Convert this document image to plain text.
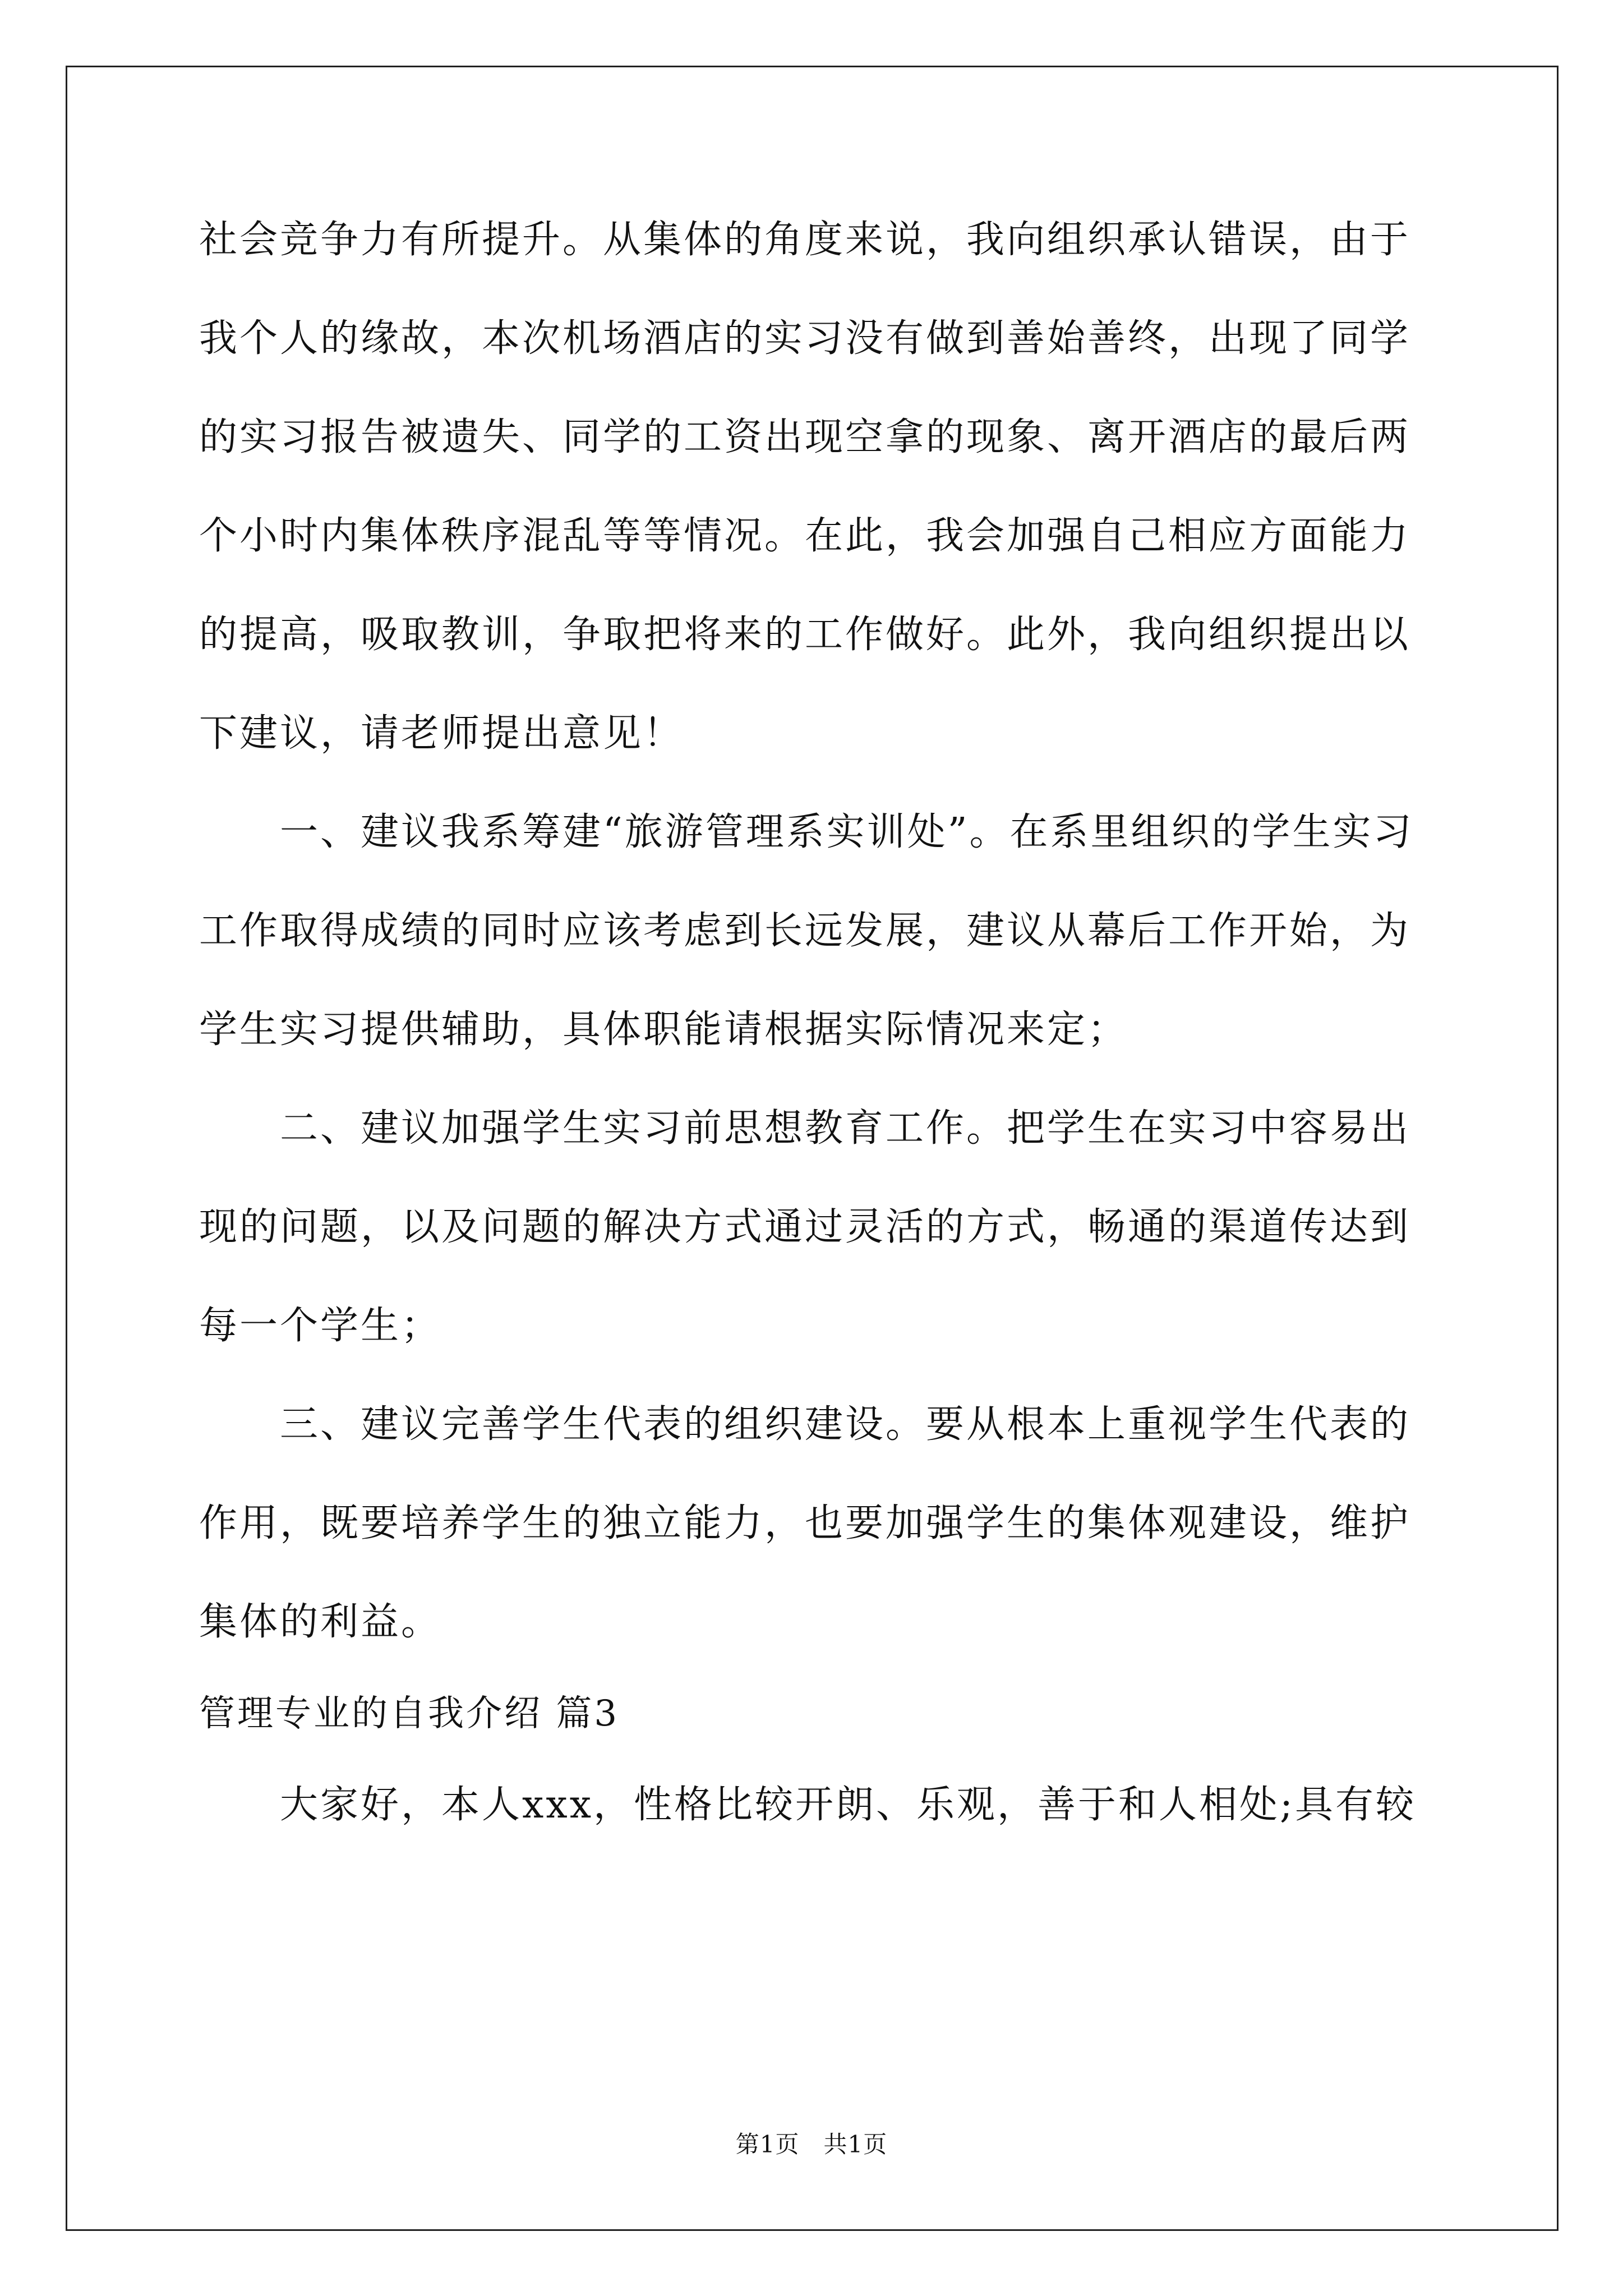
社会竞争力有所提升。从集体的角度来说，我向组织承认错误，由于
我个人的缘故，本次机场酒店的实习没有做到善始善终，出现了同学
的实习报告被遗失、同学的工资出现空拿的现象、离开酒店的最后两
个小时内集体秩序混乱等等情况。在此，我会加强自己相应方面能力
的提高，吸取教训，争取把将来的工作做好。此外，我向组织提出以
下建议，请老师提出意见！
一、建议我系筹建“旅游管理系实训处”。在系里组织的学生实习
工作取得成绩的同时应该考虑到长远发展，建议从幕后工作开始，为
学生实习提供辅助，具体职能请根据实际情况来定；
二、建议加强学生实习前思想教育工作。把学生在实习中容易出
现的问题，以及问题的解决方式通过灵活的方式，畅通的渠道传达到
每一个学生；
三、建议完善学生代表的组织建设。要从根本上重视学生代表的
作用，既要培养学生的独立能力，也要加强学生的集体观建设，维护
集体的利益。
管理专业的自我介绍 篇3
大家好，本人xxx，性格比较开朗、乐观，善于和人相处;具有较
第1页   共1页
